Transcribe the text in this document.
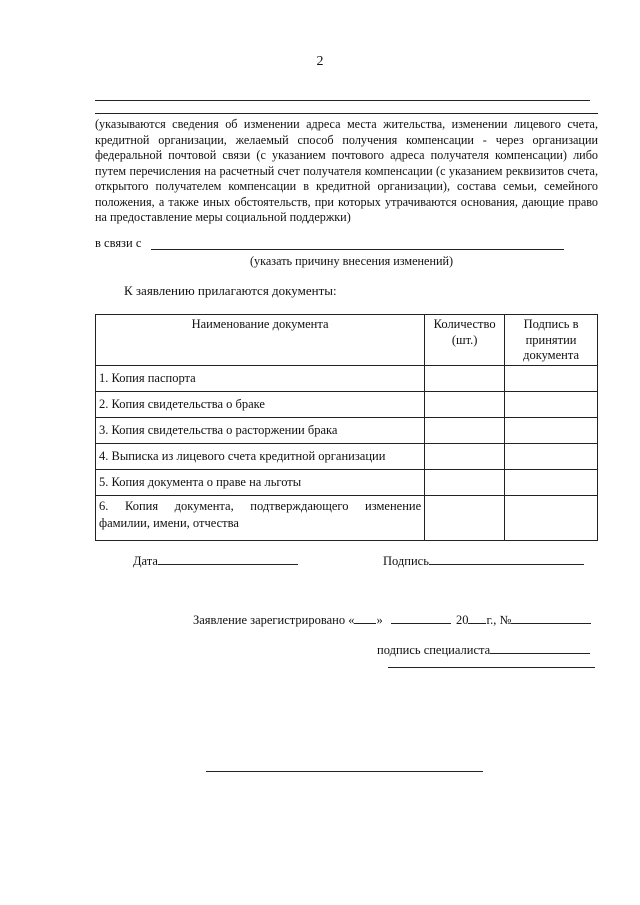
2
(указываются сведения об изменении адреса места жительства, изменении лицевого счета, кредитной организации, желаемый способ получения компенсации - через организации федеральной почтовой связи (с указанием почтового адреса получателя компенсации) либо путем перечисления на расчетный счет получателя компенсации (с указанием реквизитов счета, открытого получателем компенсации в кредитной организации), состава семьи, семейного положения, а также иных обстоятельств, при которых утрачиваются основания, дающие право на предоставление меры социальной поддержки)
в связи с
(указать причину внесения изменений)
К заявлению прилагаются документы:
Наименование документа	Количество (шт.)	Подпись в принятии документа
1. Копия паспорта		
2. Копия свидетельства о браке		
3. Копия свидетельства о расторжении брака		
4. Выписка из лицевого счета кредитной организации		
5. Копия документа о праве на льготы		
6. Копия документа, подтверждающего изменение фамилии, имени, отчества		
Дата	Подпись
Заявление зарегистрировано « »	20 г., №
подпись специалиста
